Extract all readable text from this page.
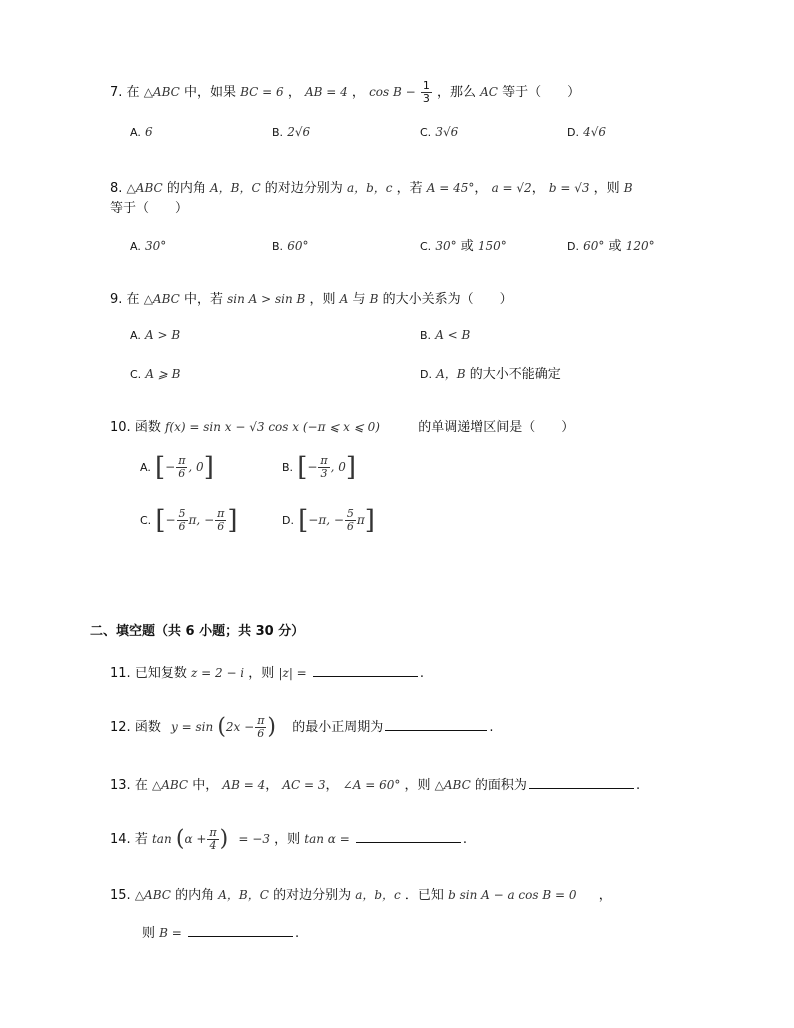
7. 在 △ABC 中，如果 BC = 6 ， AB = 4 ， $\cos B - \frac{1}{3}$ ，那么 AC 等于（　　）
A. 6	B. 2√6	C. 3√6	D. 4√6
8. △ABC 的内角 A，B，C 的对边分别为 a，b，c ，若 A = 45°， a = √2， b = √3 ，则 B
等于（　　）
A. 30°	B. 60°	C. 30° 或 150°	D. 60° 或 120°
9. 在 △ABC 中，若 sin A > sin B ，则 A 与 B 的大小关系为（　　）
A. A > B	B. A < B
C. A ⩾ B	D. A，B 的大小不能确定
10. 函数 f(x) = sin x − √3 cos x (−π ⩽ x ⩽ 0)	的单调递增区间是（　　）
A. [− $\frac{\pi}{6}$ , 0]	B. [− $\frac{\pi}{3}$ , 0]
C. [− $\frac{5}{6} \pi$, − $\frac{\pi}{6}$ ]	D. [−π, − $\frac{5}{6} \pi$]
二、填空题（共 6 小题；共 30 分）
11. 已知复数 z = 2 − i ，则 |z| =	.
12. 函数 $y = \sin (2x - \frac{\pi}{6}$ ) 的最小正周期为	.
13. 在 △ABC 中， AB = 4， AC = 3， ∠A = 60° ，则 △ABC 的面积为	.
14. 若 $\tan (\alpha + \frac{\pi}{4}$ ) = −3 ，则 tan α =	.
15. △ABC 的内角 A，B，C 的对边分别为 a，b，c ．已知 b sin A − a cos B = 0 ，
则 B =	.
